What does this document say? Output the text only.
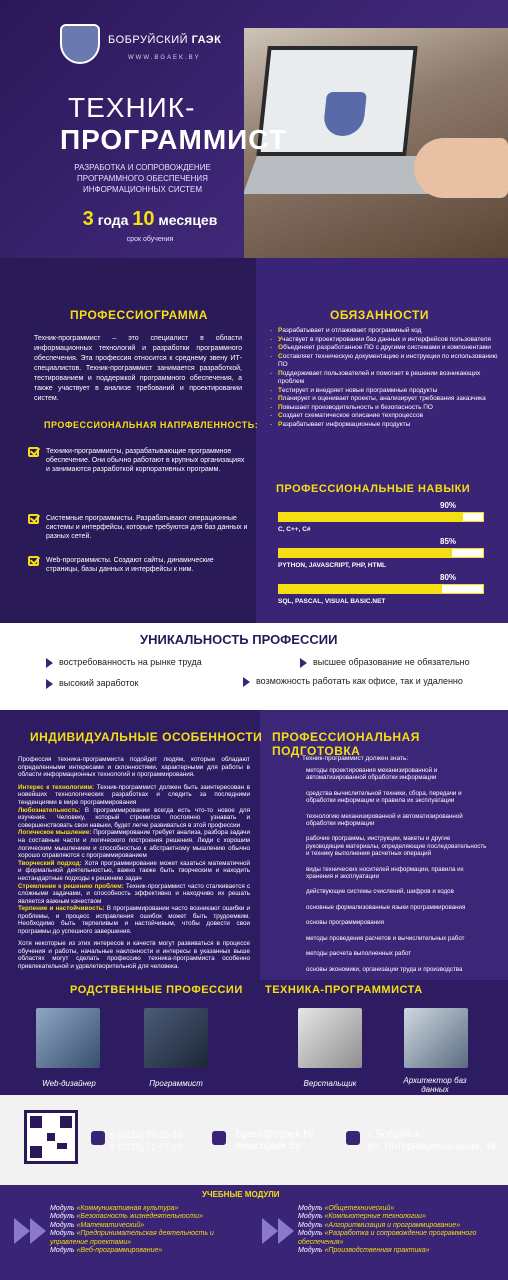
БОБРУЙСКИЙ ГАЭК
WWW.BGAEK.BY
ТЕХНИК-
ПРОГРАММИСТ
РАЗРАБОТКА И СОПРОВОЖДЕНИЕ ПРОГРАММНОГО ОБЕСПЕЧЕНИЯ ИНФОРМАЦИОННЫХ СИСТЕМ
3 года 10 месяцев
срок обучения
ПРОФЕССИОГРАММА
Техник-программист – это специалист в области информационных технологий и разработки программного обеспечения. Эта профессия относится к среднему звену ИТ-специалистов. Техник-программист занимается разработкой, тестированием и поддержкой программного обеспечения, а также участвует в анализе требований и проектировании систем.
ПРОФЕССИОНАЛЬНАЯ НАПРАВЛЕННОСТЬ:
Техники-программисты, разрабатывающие программное обеспечение. Они обычно работают в крупных организациях и занимаются разработкой корпоративных программ.
Системные программисты. Разрабатывают операционные системы и интерфейсы, которые требуются для баз данных и разных сетей.
Web-программисты. Создают сайты, динамические страницы, базы данных и интерфейсы к ним.
ОБЯЗАННОСТИ
- Разрабатывает и отлаживает программный код
- Участвует в проектировании баз данных и интерфейсов пользователя
- Объединяет разработанное ПО с другими системами и компонентами
- Составляет техническую документацию и инструкции по использованию ПО
- Поддерживает пользователей и помогает в решении возникающих проблем
- Тестирует и внедряет новые программные продукты
- Планирует и оценивает проекты, анализирует требования заказчика
- Повышает производительность и безопасность ПО
- Создает схематическое описание техпроцессов
- Разрабатывает информационные продукты
ПРОФЕССИОНАЛЬНЫЕ НАВЫКИ
90%
C, C++, C#
85%
PYTHON, JAVASCRIPT, PHP, HTML
80%
SQL, PASCAL, VISUAL BASIC.NET
УНИКАЛЬНОСТЬ ПРОФЕССИИ
востребованность на рынке труда	высшее образование не обязательно
высокий заработок	возможность работать как офисе, так и удаленно
ИНДИВИДУАЛЬНЫЕ ОСОБЕННОСТИ

Профессия техника-программиста подойдет людям, которые обладают определенными интересами и склонностями, характерными для работы в области информационных технологий и программирования.

Интерес к технологиям: Техник-программист должен быть заинтересован в новейших технологических разработках и следить за последними тенденциями в мире программирования

Любознательность: В программировании всегда есть что-то новое для изучения. Человеку, который стремится постоянно узнавать и совершенствовать свои навыки, будет легче развиваться в этой профессии

Логическое мышление: Программирование требует анализа, разбора задачи на составные части и логического построения решения. Люди с хорошим логическим мышлением и способностью к абстрактному мышлению обычно хорошо справляются с программированием

Творческий подход: Хотя программирование может казаться математичной и формальной деятельностью, важно также быть творческим и находить нестандартные подходы к решению задач

Стремление к решению проблем: Техник-программист часто сталкивается с сложными задачами, и способность эффективно и находчиво их решать является важным качеством

Терпение и настойчивость: В программировании часто возникают ошибки и проблемы, и процесс исправления ошибок может быть трудоемким. Необходимо быть терпеливым и настойчивым, чтобы довести свои программы до успешного завершения.

Хотя некоторые из этих интересов и качеств могут развиваться в процессе обучения и работы, начальные наклонности и интересы в указанных выше областях могут сделать профессию техника-программиста особенно привлекательной и удовлетворительной для человека.
ПРОФЕССИОНАЛЬНАЯ ПОДГОТОВКА
Техник-программист должен знать:
методы проектирования механизированной и автоматизированной обработки информации
средства вычислительной техники, сбора, передачи и обработки информации и правила их эксплуатации
технологию механизированной и автоматизированной обработки информации
рабочие программы, инструкции, макеты и другие руководящие материалы, определяющие последовательность и технику выполнения расчетных операций
виды технических носителей информации, правила их хранения и эксплуатации
действующие системы счислений, шифров и кодов
основные формализованные языки программирования
основы программирования
методы проведения расчетов и вычислительных работ
методы расчета выполненных работ
основы экономики, организации труда и производства
РОДСТВЕННЫЕ ПРОФЕССИИ ТЕХНИКА-ПРОГРАММИСТА
Web-дизайнер	Программист	Верстальщик	Архитектор баз данных
8 (0222) 75-25-45
8 (0225) 71-77-19
bgaek@bgaek.by
www.bgaek.by
г. Бобруйск
ул. Интернациональная, 46
УЧЕБНЫЕ МОДУЛИ
Модуль «Коммуникативная культура»
Модуль «Безопасность жизнедеятельности»
Модуль «Математический»
Модуль «Предпринимательская деятельность и управление проектами»
Модуль «Веб-программирование»
Модуль «Общетехнический»
Модуль «Компьютерные технологии»
Модуль «Алгоритмизация и программирование»
Модуль «Разработка и сопровождение программного обеспечения»
Модуль «Производственная практика»
